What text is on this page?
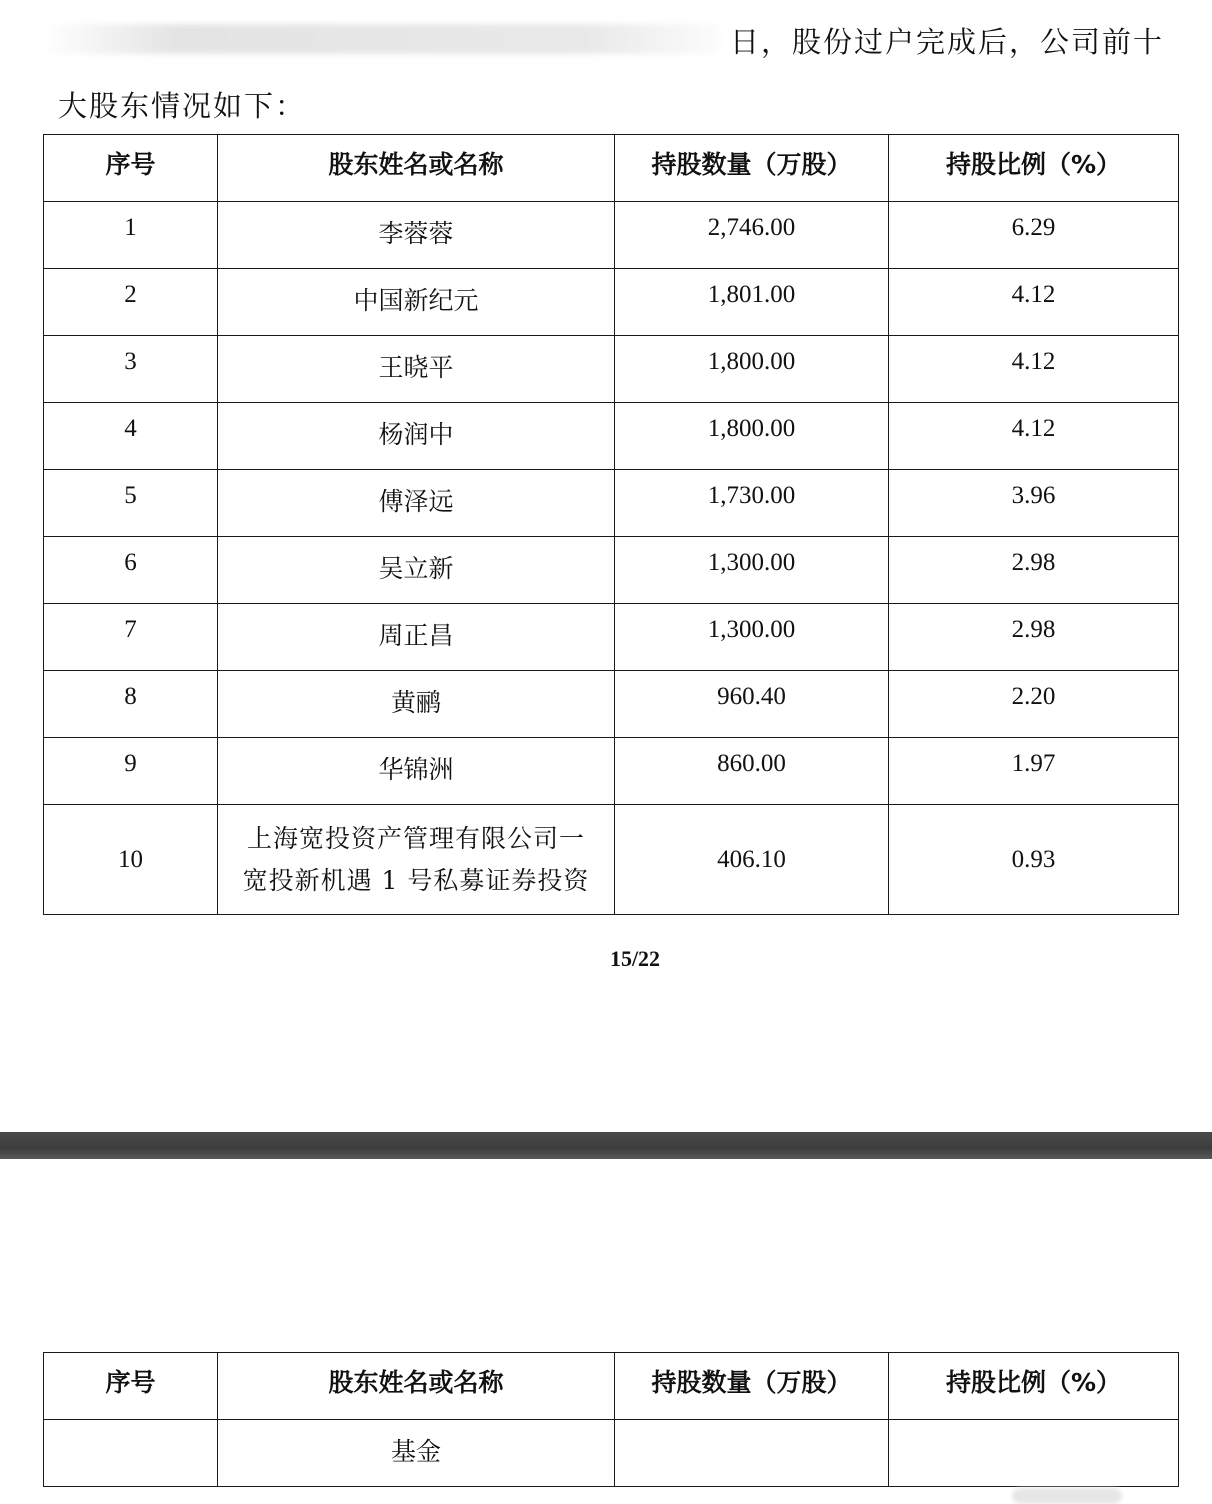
日，股份过户完成后，公司前十
大股东情况如下：
序号	股东姓名或名称	持股数量（万股）	持股比例（%）
1	李蓉蓉	2,746.00	6.29
2	中国新纪元	1,801.00	4.12
3	王晓平	1,800.00	4.12
4	杨润中	1,800.00	4.12
5	傅泽远	1,730.00	3.96
6	吴立新	1,300.00	2.98
7	周正昌	1,300.00	2.98
8	黄鹂	960.40	2.20
9	华锦洲	860.00	1.97
10	上海宽投资产管理有限公司一
宽投新机遇 1 号私募证券投资	406.10	0.93
15/22
序号	股东姓名或名称	持股数量（万股）	持股比例（%）
	基金		
